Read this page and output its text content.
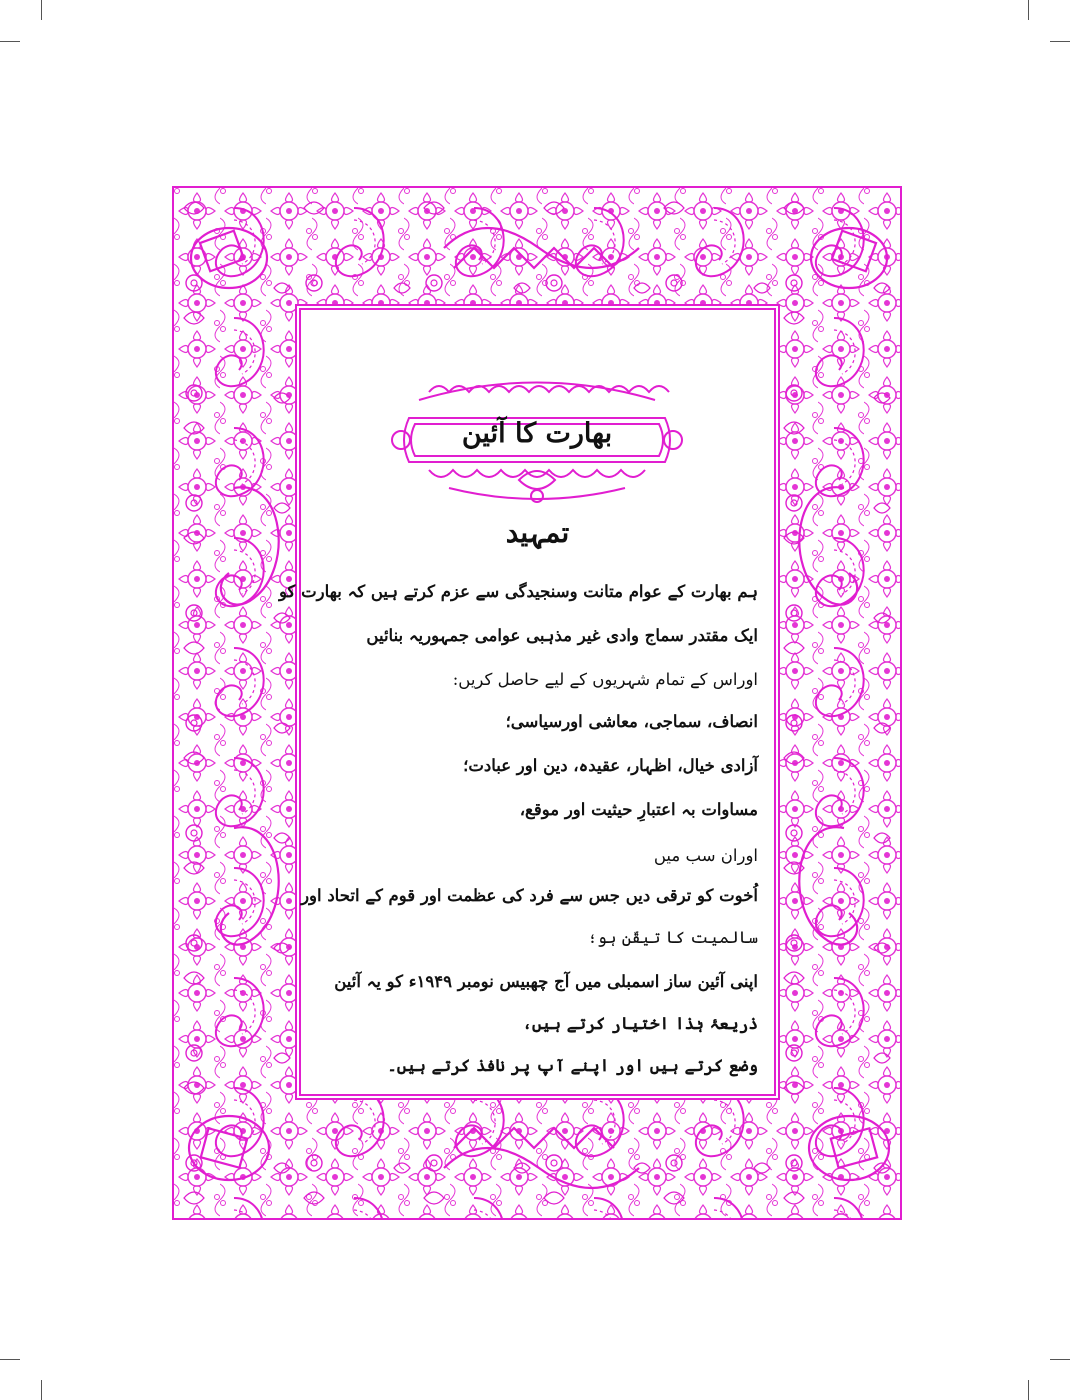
بھارت کا آئین
تمہید
ہم بھارت کے عوام متانت وسنجیدگی سے عزم کرتے ہیں کہ بھارت کو
ایک مقتدر سماج وادی غیر مذہبی عوامی جمہوریہ بنائیں
اوراس کے تمام شہریوں کے لیے حاصل کریں:
انصاف، سماجی، معاشی اورسیاسی؛
آزادی خیال، اظہار، عقیدہ، دین اور عبادت؛
مساوات بہ اعتبارِ حیثیت اور موقع،
اوران سب میں
اُخوت کو ترقی دیں جس سے فرد کی عظمت اور قوم کے اتحاد اور
سالمیت کا تیقّن ہو؛
اپنی آئین ساز اسمبلی میں آج چھبیس نومبر ۱۹۴۹ء کو یہ آئین
ذریعۂ ہٰذا اختیار کرتے ہیں،
وضع کرتے ہیں اور اپنے آپ پر نافذ کرتے ہیں۔
